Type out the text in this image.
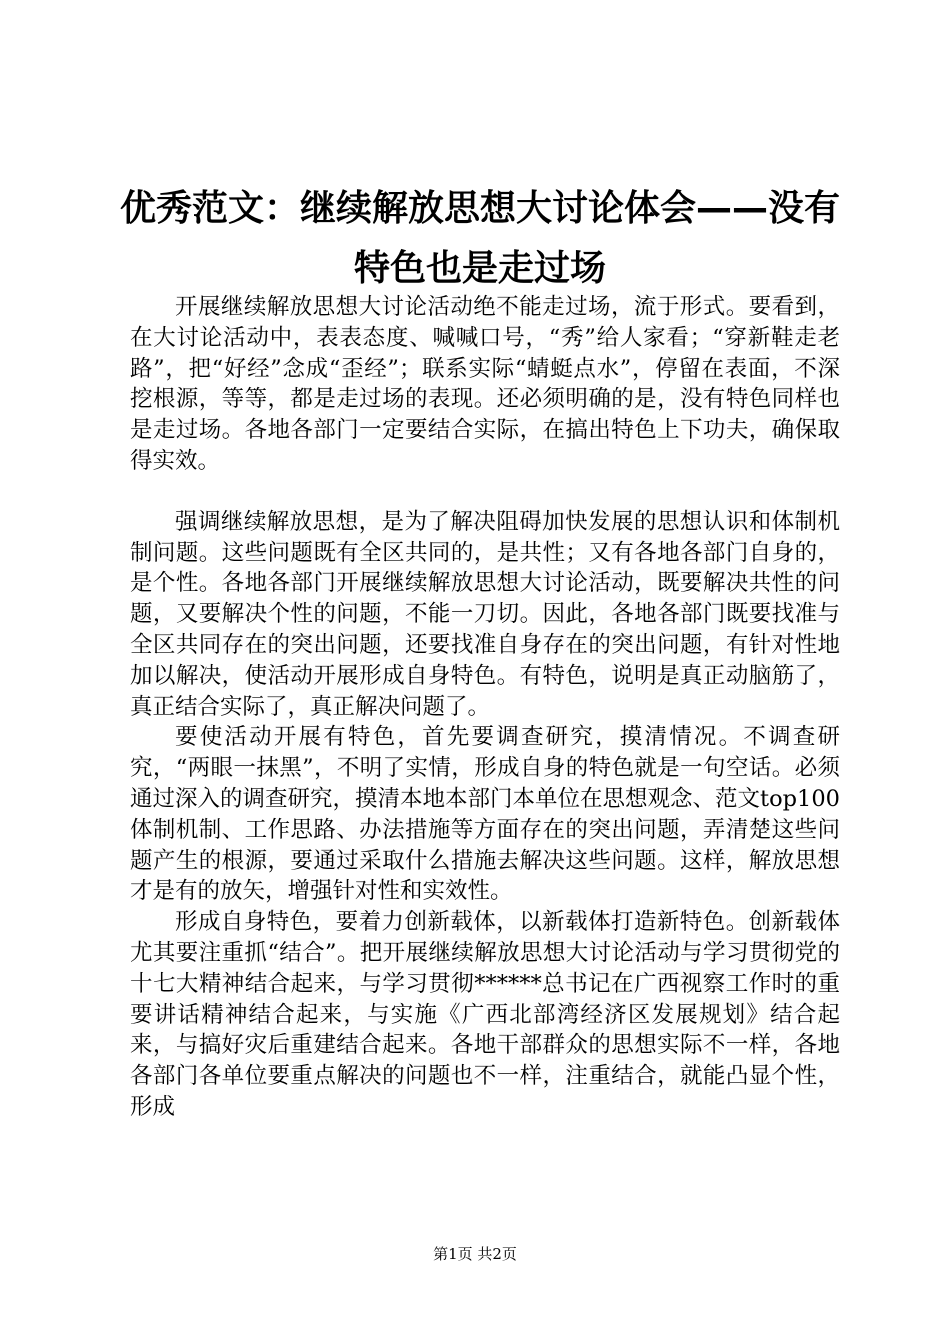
优秀范文：继续解放思想大讨论体会——没有
特色也是走过场

开展继续解放思想大讨论活动绝不能走过场，流于形式。要看到，在大讨论活动中，表表态度、喊喊口号，“秀”给人家看；“穿新鞋走老路”，把“好经”念成“歪经”；联系实际“蜻蜓点水”，停留在表面，不深挖根源，等等，都是走过场的表现。还必须明确的是，没有特色同样也是走过场。各地各部门一定要结合实际，在搞出特色上下功夫，确保取得实效。

强调继续解放思想，是为了解决阻碍加快发展的思想认识和体制机制问题。这些问题既有全区共同的，是共性；又有各地各部门自身的，是个性。各地各部门开展继续解放思想大讨论活动，既要解决共性的问题，又要解决个性的问题，不能一刀切。因此，各地各部门既要找准与全区共同存在的突出问题，还要找准自身存在的突出问题，有针对性地加以解决，使活动开展形成自身特色。有特色，说明是真正动脑筋了，真正结合实际了，真正解决问题了。

要使活动开展有特色，首先要调查研究，摸清情况。不调查研究，“两眼一抹黑”，不明了实情，形成自身的特色就是一句空话。必须通过深入的调查研究，摸清本地本部门本单位在思想观念、范文top100体制机制、工作思路、办法措施等方面存在的突出问题，弄清楚这些问题产生的根源，要通过采取什么措施去解决这些问题。这样，解放思想才是有的放矢，增强针对性和实效性。

形成自身特色，要着力创新载体，以新载体打造新特色。创新载体尤其要注重抓“结合”。把开展继续解放思想大讨论活动与学习贯彻党的十七大精神结合起来，与学习贯彻******总书记在广西视察工作时的重要讲话精神结合起来，与实施《广西北部湾经济区发展规划》结合起来，与搞好灾后重建结合起来。各地干部群众的思想实际不一样，各地各部门各单位要重点解决的问题也不一样，注重结合，就能凸显个性，形成

第1页 共2页
